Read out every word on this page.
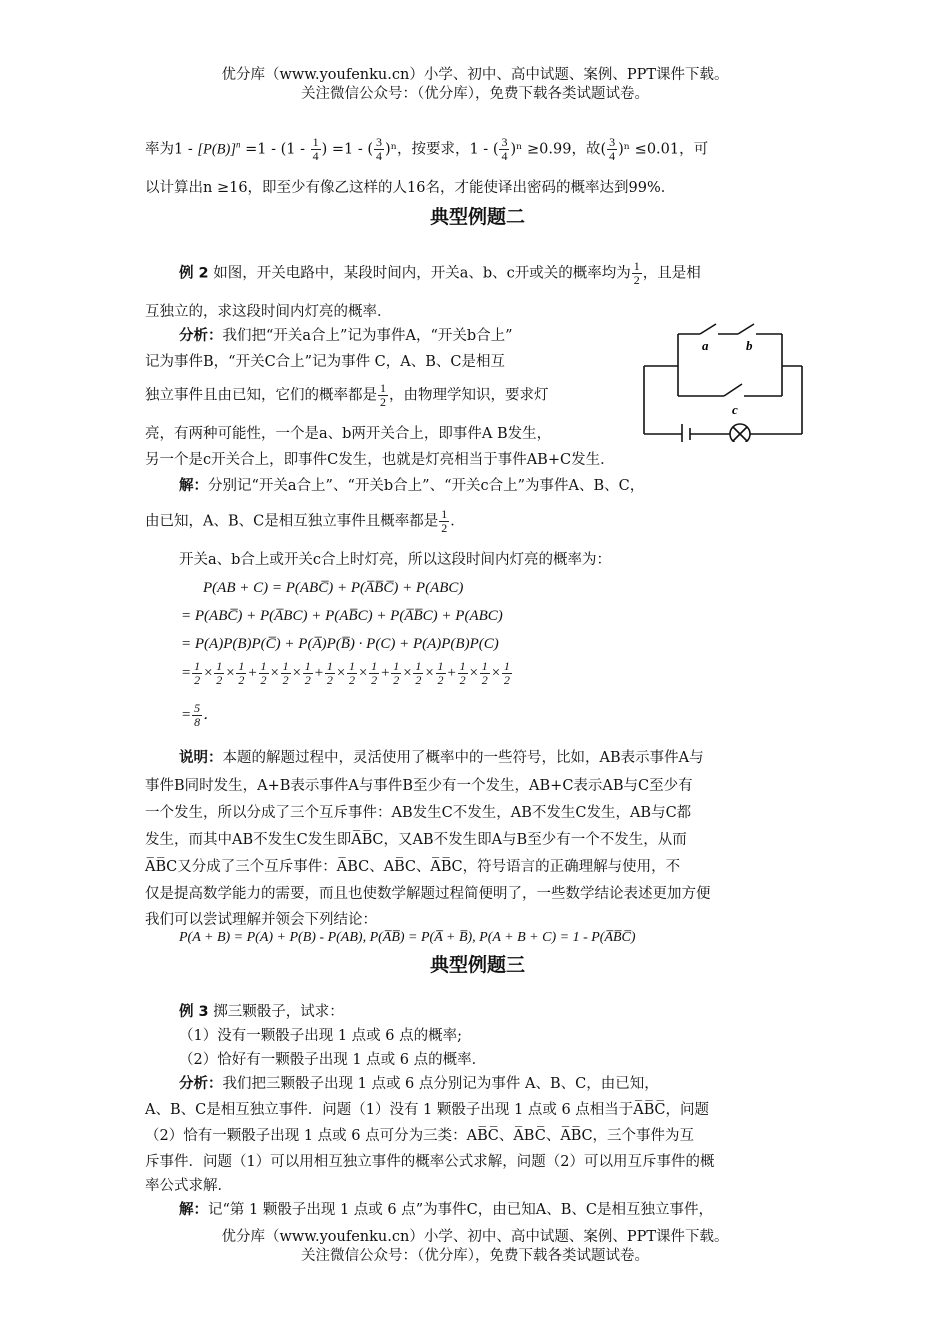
优分库（www.youfenku.cn）小学、初中、高中试题、案例、PPT课件下载。
关注微信公众号：（优分库），免费下载各类试题试卷。
率为$1 - [P(B)]^n =1 - (1 - \frac{1}{4}$ ) =1 - ( $\frac{3}{4} )^n$，按要求，1 - ( $\frac{3}{4} )^n \ge 0.99$，故( $\frac{3}{4} )^n \le 0.01$，可
以计算出n ≥16，即至少有像乙这样的人16名，才能使译出密码的概率达到99%．
典型例题二
例 2 如图，开关电路中，某段时间内，开关a、b、c开或关的概率均为 $\frac{1}{2}$ ，且是相
互独立的，求这段时间内灯亮的概率．
分析：我们把“开关a合上”记为事件A，“开关b合上”
记为事件B，“开关C合上”记为事件 C，A、B、C是相互
独立事件且由已知，它们的概率都是 $\frac{1}{2}$ ，由物理学知识，要求灯
亮，有两种可能性，一个是a、b两开关合上，即事件A B发生，
另一个是c开关合上，即事件C发生，也就是灯亮相当于事件AB+C发生．
解：分别记“开关a合上”、“开关b合上”、“开关c合上”为事件A、B、C，
由已知，A、B、C是相互独立事件且概率都是 $\frac{1}{2}$ ．
开关a、b合上或开关c合上时灯亮，所以这段时间内灯亮的概率为：
P(AB + C) = P(ABC̅) + P(A̅B̅C̅) + P(ABC)
= P(ABC̅) + P(A̅BC) + P(AB̅C) + P(A̅B̅C) + P(ABC)
= P(A)P(B)P(C̅) + P(A̅)P(B̅) · P(C) + P(A)P(B)P(C)
= $\frac{1}{2} \times \frac{1}{2} \times \frac{1}{2} + \frac{1}{2} \times \frac{1}{2} \times \frac{1}{2} + \frac{1}{2} \times \frac{1}{2} \times \frac{1}{2} + \frac{1}{2} \times \frac{1}{2} \times \frac{1}{2} + \frac{1}{2} \times \frac{1}{2} \times \frac{1}{2}$
= $\frac{5}{8}$ ．
说明：本题的解题过程中，灵活使用了概率中的一些符号，比如，AB表示事件A与
事件B同时发生，A+B表示事件A与事件B至少有一个发生，AB+C表示AB与C至少有
一个发生，所以分成了三个互斥事件：AB发生C不发生，AB不发生C发生，AB与C都
发生，而其中AB不发生C发生即A̅B̅C，又AB不发生即A与B至少有一个不发生，从而
A̅B̅C又分成了三个互斥事件：A̅BC、AB̅C、A̅B̅C，符号语言的正确理解与使用，不
仅是提高数学能力的需要，而且也使数学解题过程简便明了，一些数学结论表述更加方便
我们可以尝试理解并领会下列结论：
P(A + B) = P(A) + P(B) - P(AB), P(A̅B̅) = P(A̅ + B̅), P(A + B + C) = 1 - P(A̅B̅C̅)
典型例题三
例 3 掷三颗骰子，试求：
（1）没有一颗骰子出现 1 点或 6 点的概率;
（2）恰好有一颗骰子出现 1 点或 6 点的概率．
分析：我们把三颗骰子出现 1 点或 6 点分别记为事件 A、B、C，由已知，
A、B、C是相互独立事件．问题（1）没有 1 颗骰子出现 1 点或 6 点相当于A̅B̅C̅，问题
（2）恰有一颗骰子出现 1 点或 6 点可分为三类：AB̅C̅、A̅BC̅、A̅B̅C，三个事件为互
斥事件．问题（1）可以用相互独立事件的概率公式求解，问题（2）可以用互斥事件的概
率公式求解．
解：记“第 1 颗骰子出现 1 点或 6 点”为事件C，由已知A、B、C是相互独立事件，
a	b
c
优分库（www.youfenku.cn）小学、初中、高中试题、案例、PPT课件下载。
关注微信公众号：（优分库），免费下载各类试题试卷。
